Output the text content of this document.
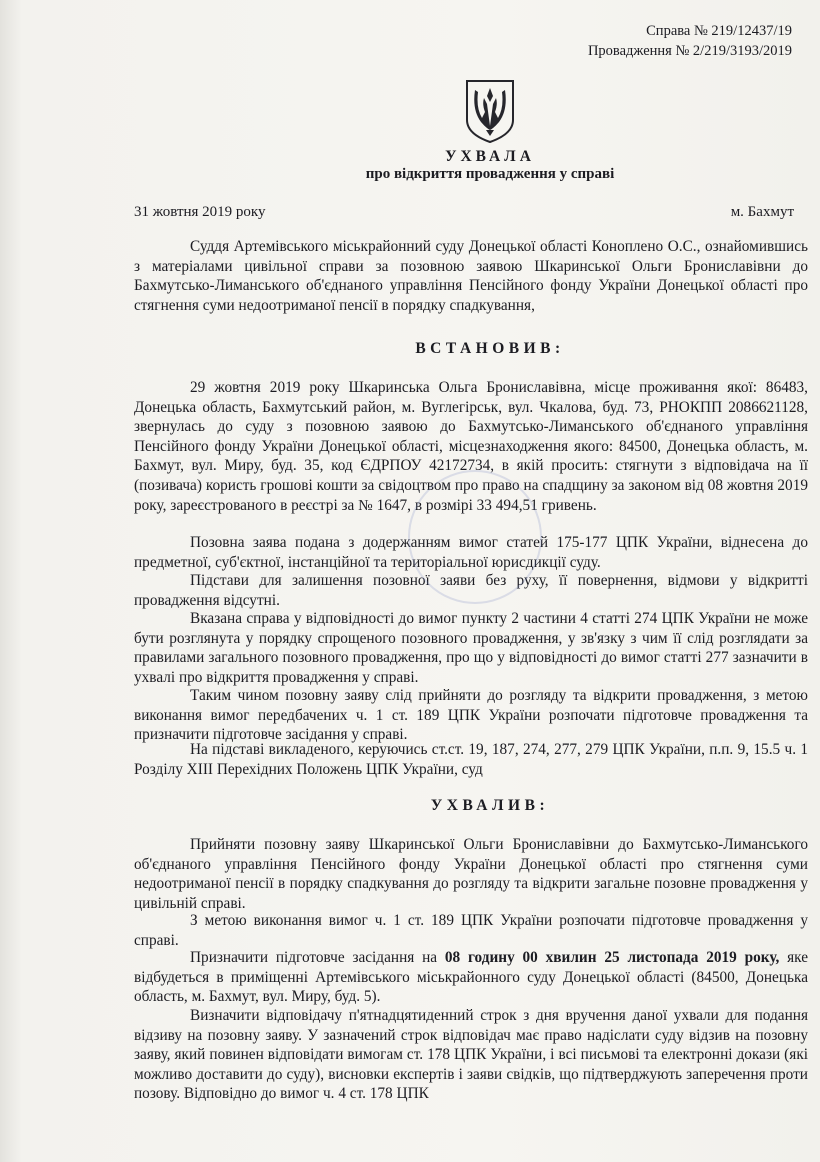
Справа № 219/12437/19
Провадження № 2/219/3193/2019
УХВАЛА
про відкриття провадження у справі
31 жовтня 2019 року	м. Бахмут

Суддя Артемівського міськрайонний суду Донецької області Коноплено О.С., ознайомившись з матеріалами цивільної справи за позовною заявою Шкаринської Ольги Брониславівни до Бахмутсько-Лиманського об'єднаного управління Пенсійного фонду України Донецької області про стягнення суми недоотриманої пенсії в порядку спадкування,

ВСТАНОВИВ:

29 жовтня 2019 року Шкаринська Ольга Брониславівна, місце проживання якої: 86483, Донецька область, Бахмутський район, м. Вуглегірськ, вул. Чкалова, буд. 73, РНОКПП 2086621128, звернулась до суду з позовною заявою до Бахмутсько-Лиманського об'єднаного управління Пенсійного фонду України Донецької області, місцезнаходження якого: 84500, Донецька область, м. Бахмут, вул. Миру, буд. 35, код ЄДРПОУ 42172734, в якій просить: стягнути з відповідача на її (позивача) користь грошові кошти за свідоцтвом про право на спадщину за законом від 08 жовтня 2019 року, зареєстрованого в реєстрі за № 1647, в розмірі 33 494,51 гривень.

Позовна заява подана з додержанням вимог статей 175-177 ЦПК України, віднесена до предметної, суб'єктної, інстанційної та територіальної юрисдикції суду.

Підстави для залишення позовної заяви без руху, її повернення, відмови у відкритті провадження відсутні.

Вказана справа у відповідності до вимог пункту 2 частини 4 статті 274 ЦПК України не може бути розглянута у порядку спрощеного позовного провадження, у зв'язку з чим її слід розглядати за правилами загального позовного провадження, про що у відповідності до вимог статті 277 зазначити в ухвалі про відкриття провадження у справі.

Таким чином позовну заяву слід прийняти до розгляду та відкрити провадження, з метою виконання вимог передбачених ч. 1 ст. 189 ЦПК України розпочати підготовче провадження та призначити підготовче засідання у справі.

На підставі викладеного, керуючись ст.ст. 19, 187, 274, 277, 279 ЦПК України, п.п. 9, 15.5 ч. 1 Розділу XIII Перехідних Положень ЦПК України, суд

УХВАЛИВ:

Прийняти позовну заяву Шкаринської Ольги Брониславівни до Бахмутсько-Лиманського об'єднаного управління Пенсійного фонду України Донецької області про стягнення суми недоотриманої пенсії в порядку спадкування до розгляду та відкрити загальне позовне провадження у цивільній справі.

З метою виконання вимог ч. 1 ст. 189 ЦПК України розпочати підготовче провадження у справі.

Призначити підготовче засідання на 08 годину 00 хвилин 25 листопада 2019 року, яке відбудеться в приміщенні Артемівського міськрайонного суду Донецької області (84500, Донецька область, м. Бахмут, вул. Миру, буд. 5).

Визначити відповідачу п'ятнадцятиденний строк з дня вручення даної ухвали для подання відзиву на позовну заяву. У зазначений строк відповідач має право надіслати суду відзив на позовну заяву, який повинен відповідати вимогам ст. 178 ЦПК України, і всі письмові та електронні докази (які можливо доставити до суду), висновки експертів і заяви свідків, що підтверджують заперечення проти позову. Відповідно до вимог ч. 4 ст. 178 ЦПК
